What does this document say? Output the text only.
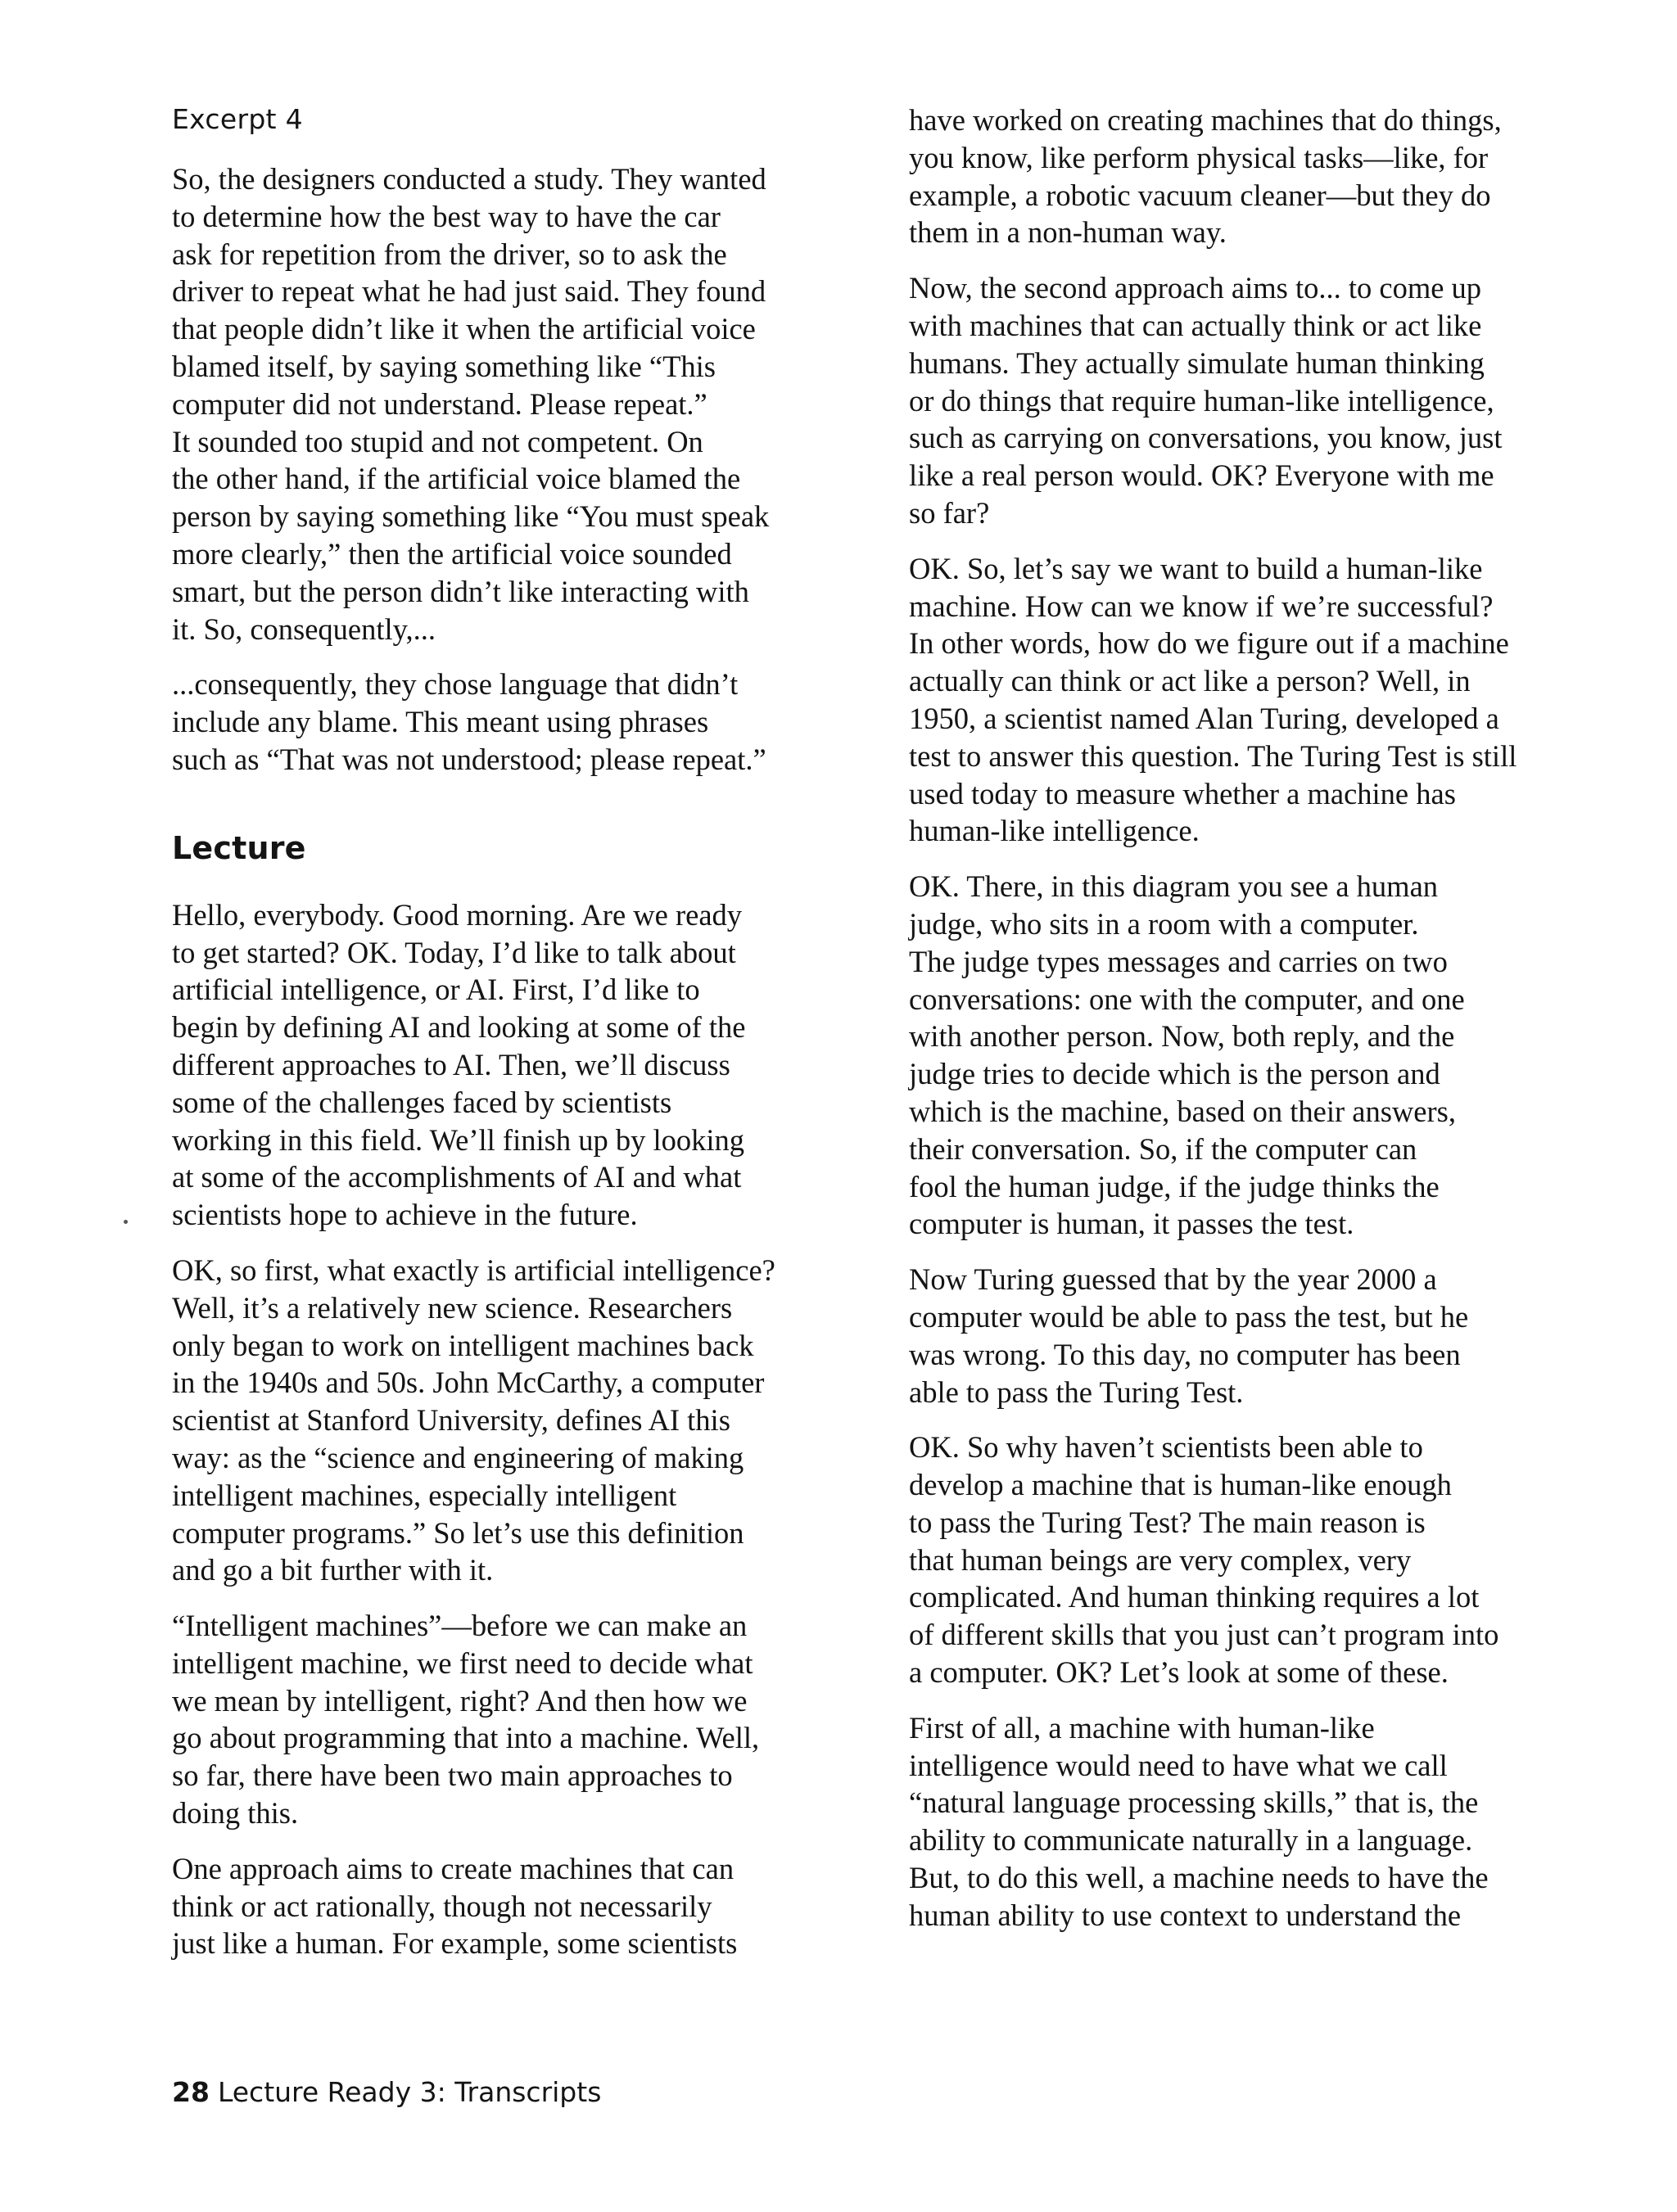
Excerpt 4

So, the designers conducted a study. They wanted
to determine how the best way to have the car
ask for repetition from the driver, so to ask the
driver to repeat what he had just said. They found
that people didn’t like it when the artificial voice
blamed itself, by saying something like “This
computer did not understand. Please repeat.”
It sounded too stupid and not competent. On
the other hand, if the artificial voice blamed the
person by saying something like “You must speak
more clearly,” then the artificial voice sounded
smart, but the person didn’t like interacting with
it. So, consequently,...

...consequently, they chose language that didn’t
include any blame. This meant using phrases
such as “That was not understood; please repeat.”

Lecture

Hello, everybody. Good morning. Are we ready
to get started? OK. Today, I’d like to talk about
artificial intelligence, or AI. First, I’d like to
begin by defining AI and looking at some of the
different approaches to AI. Then, we’ll discuss
some of the challenges faced by scientists
working in this field. We’ll finish up by looking
at some of the accomplishments of AI and what
scientists hope to achieve in the future.

OK, so first, what exactly is artificial intelligence?
Well, it’s a relatively new science. Researchers
only began to work on intelligent machines back
in the 1940s and 50s. John McCarthy, a computer
scientist at Stanford University, defines AI this
way: as the “science and engineering of making
intelligent machines, especially intelligent
computer programs.” So let’s use this definition
and go a bit further with it.

“Intelligent machines”—before we can make an
intelligent machine, we first need to decide what
we mean by intelligent, right? And then how we
go about programming that into a machine. Well,
so far, there have been two main approaches to
doing this.

One approach aims to create machines that can
think or act rationally, though not necessarily
just like a human. For example, some scientists

have worked on creating machines that do things,
you know, like perform physical tasks—like, for
example, a robotic vacuum cleaner—but they do
them in a non-human way.

Now, the second approach aims to... to come up
with machines that can actually think or act like
humans. They actually simulate human thinking
or do things that require human-like intelligence,
such as carrying on conversations, you know, just
like a real person would. OK? Everyone with me
so far?

OK. So, let’s say we want to build a human-like
machine. How can we know if we’re successful?
In other words, how do we figure out if a machine
actually can think or act like a person? Well, in
1950, a scientist named Alan Turing, developed a
test to answer this question. The Turing Test is still
used today to measure whether a machine has
human-like intelligence.

OK. There, in this diagram you see a human
judge, who sits in a room with a computer.
The judge types messages and carries on two
conversations: one with the computer, and one
with another person. Now, both reply, and the
judge tries to decide which is the person and
which is the machine, based on their answers,
their conversation. So, if the computer can
fool the human judge, if the judge thinks the
computer is human, it passes the test.

Now Turing guessed that by the year 2000 a
computer would be able to pass the test, but he
was wrong. To this day, no computer has been
able to pass the Turing Test.

OK. So why haven’t scientists been able to
develop a machine that is human-like enough
to pass the Turing Test? The main reason is
that human beings are very complex, very
complicated. And human thinking requires a lot
of different skills that you just can’t program into
a computer. OK? Let’s look at some of these.

First of all, a machine with human-like
intelligence would need to have what we call
“natural language processing skills,” that is, the
ability to communicate naturally in a language.
But, to do this well, a machine needs to have the
human ability to use context to understand the

28 Lecture Ready 3: Transcripts
